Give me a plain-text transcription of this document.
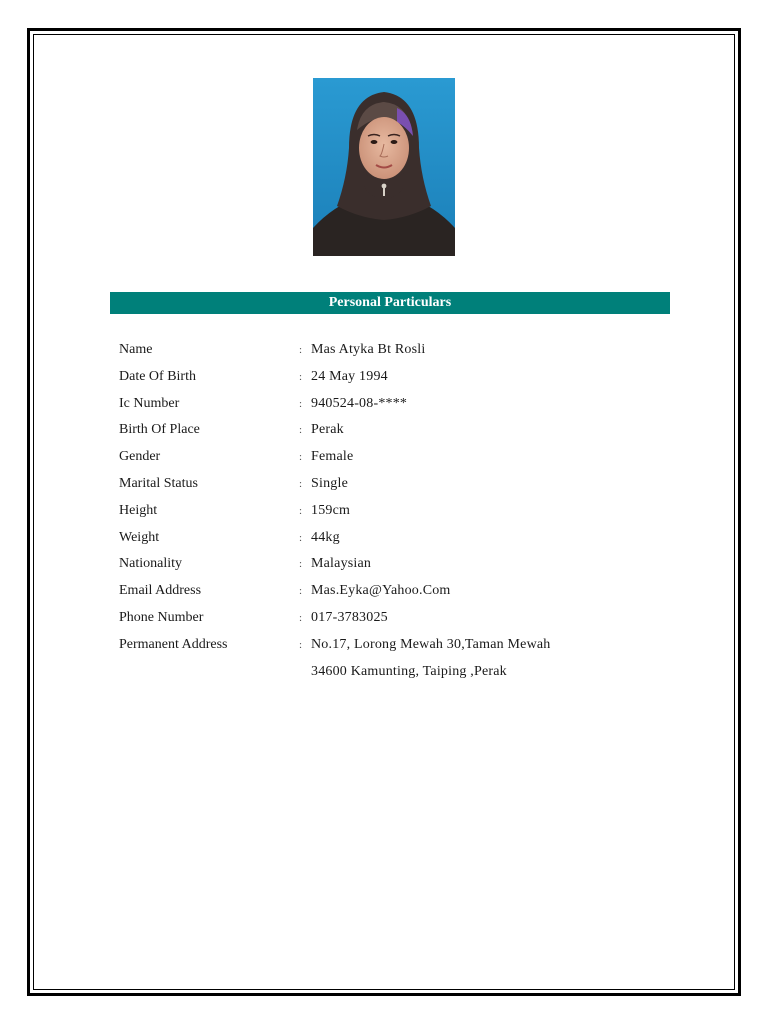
Personal Particulars
Name	: Mas Atyka Bt Rosli
Date Of Birth	: 24 May 1994
Ic Number	: 940524-08-****
Birth Of Place	: Perak
Gender	: Female
Marital Status	: Single
Height	: 159cm
Weight	: 44kg
Nationality	: Malaysian
Email Address	: Mas.Eyka@Yahoo.Com
Phone Number	: 017-3783025
Permanent Address	: No.17, Lorong Mewah 30,Taman Mewah
34600 Kamunting, Taiping ,Perak
